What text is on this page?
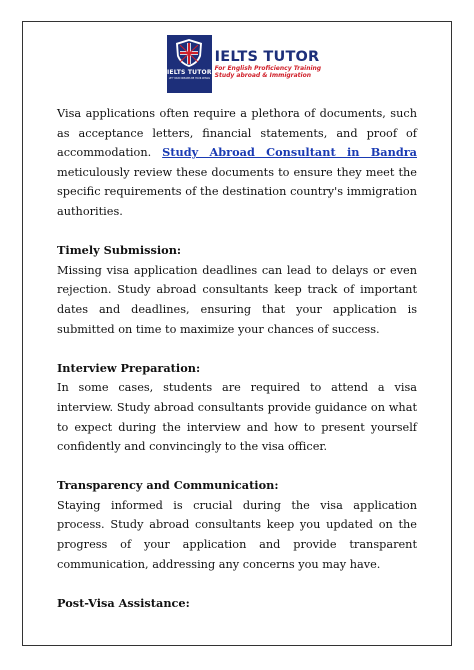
IELTS TUTOR
LET YOUR DREAMS BE YOUR WINGS
IELTS TUTOR
For English Proficiency Training
Study abroad & Immigration

Visa applications often require a plethora of documents, such as acceptance letters, financial statements, and proof of accommodation. Study Abroad Consultant in Bandra meticulously review these documents to ensure they meet the specific requirements of the destination country's immigration authorities.

Timely Submission:

Missing visa application deadlines can lead to delays or even rejection. Study abroad consultants keep track of important dates and deadlines, ensuring that your application is submitted on time to maximize your chances of success.

Interview Preparation:

In some cases, students are required to attend a visa interview. Study abroad consultants provide guidance on what to expect during the interview and how to present yourself confidently and convincingly to the visa officer.

Transparency and Communication:

Staying informed is crucial during the visa application process. Study abroad consultants keep you updated on the progress of your application and provide transparent communication, addressing any concerns you may have.

Post-Visa Assistance:
